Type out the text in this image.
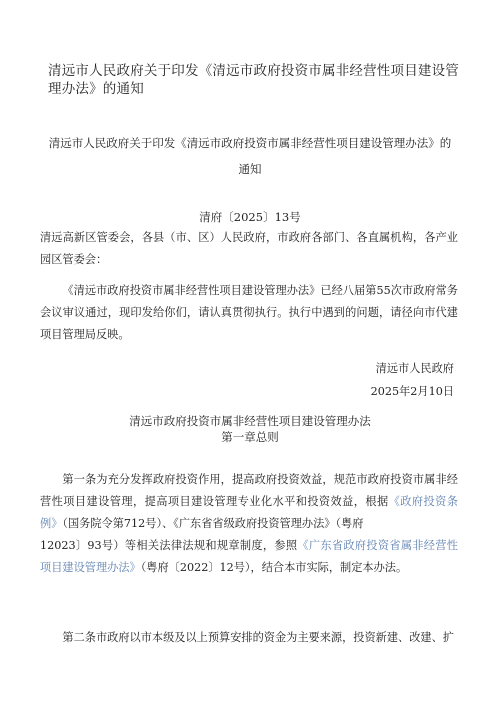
清远市人民政府关于印发《清远市政府投资市属非经营性项目建设管理办法》的通知
清远市人民政府关于印发《清远市政府投资市属非经营性项目建设管理办法》的
通知
清府〔2025〕13号
清远高新区管委会，各县（市、区）人民政府，市政府各部门、各直属机构，各产业园区管委会：
《清远市政府投资市属非经营性项目建设管理办法》已经八届第55次市政府常务会议审议通过，现印发给你们，请认真贯彻执行。执行中遇到的问题，请径向市代建项目管理局反映。
清远市人民政府
2025年2月10日
清远市政府投资市属非经营性项目建设管理办法
第一章总则
第一条为充分发挥政府投资作用，提高政府投资效益，规范市政府投资市属非经营性项目建设管理，提高项目建设管理专业化水平和投资效益，根据《政府投资条例》（国务院令第712号）、《广东省省级政府投资管理办法》（粤府
12023〕93号）等相关法律法规和规章制度，参照《广东省政府投资省属非经营性项目建设管理办法》（粤府〔2022〕12号），结合本市实际，制定本办法。
第二条市政府以市本级及以上预算安排的资金为主要来源，投资新建、改建、扩
